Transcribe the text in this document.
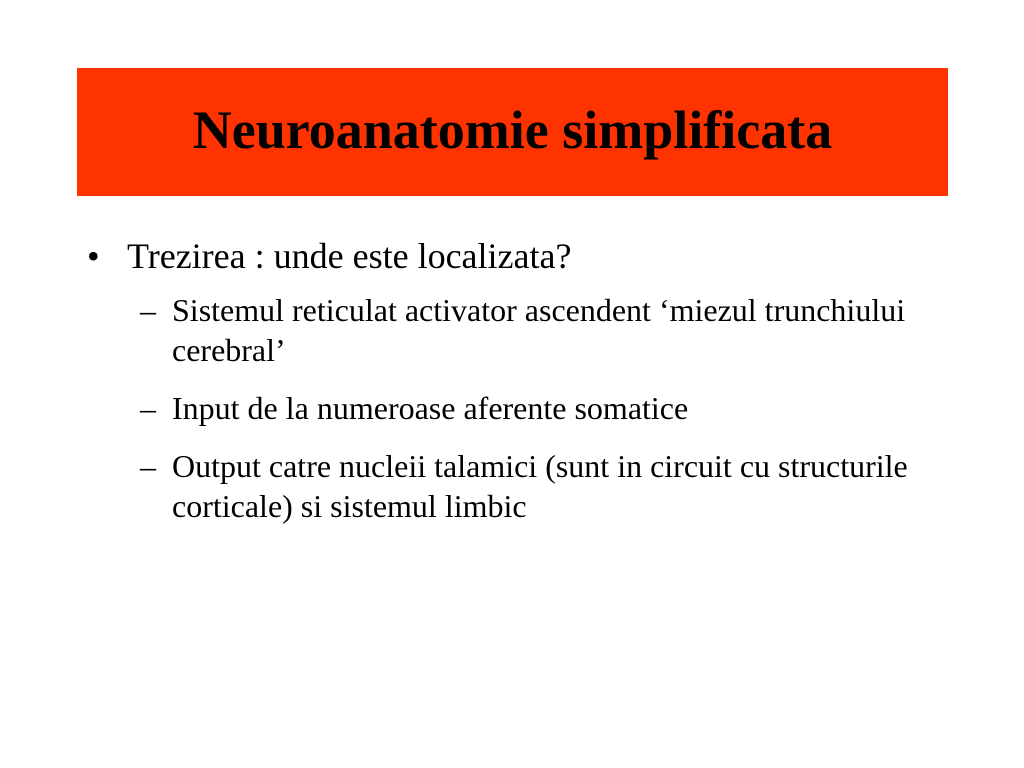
Neuroanatomie simplificata
• Trezirea : unde este localizata?
– Sistemul reticulat activator ascendent ‘miezul trunchiului cerebral’
– Input de la numeroase aferente somatice
– Output catre nucleii talamici (sunt in circuit cu structurile corticale) si sistemul limbic
